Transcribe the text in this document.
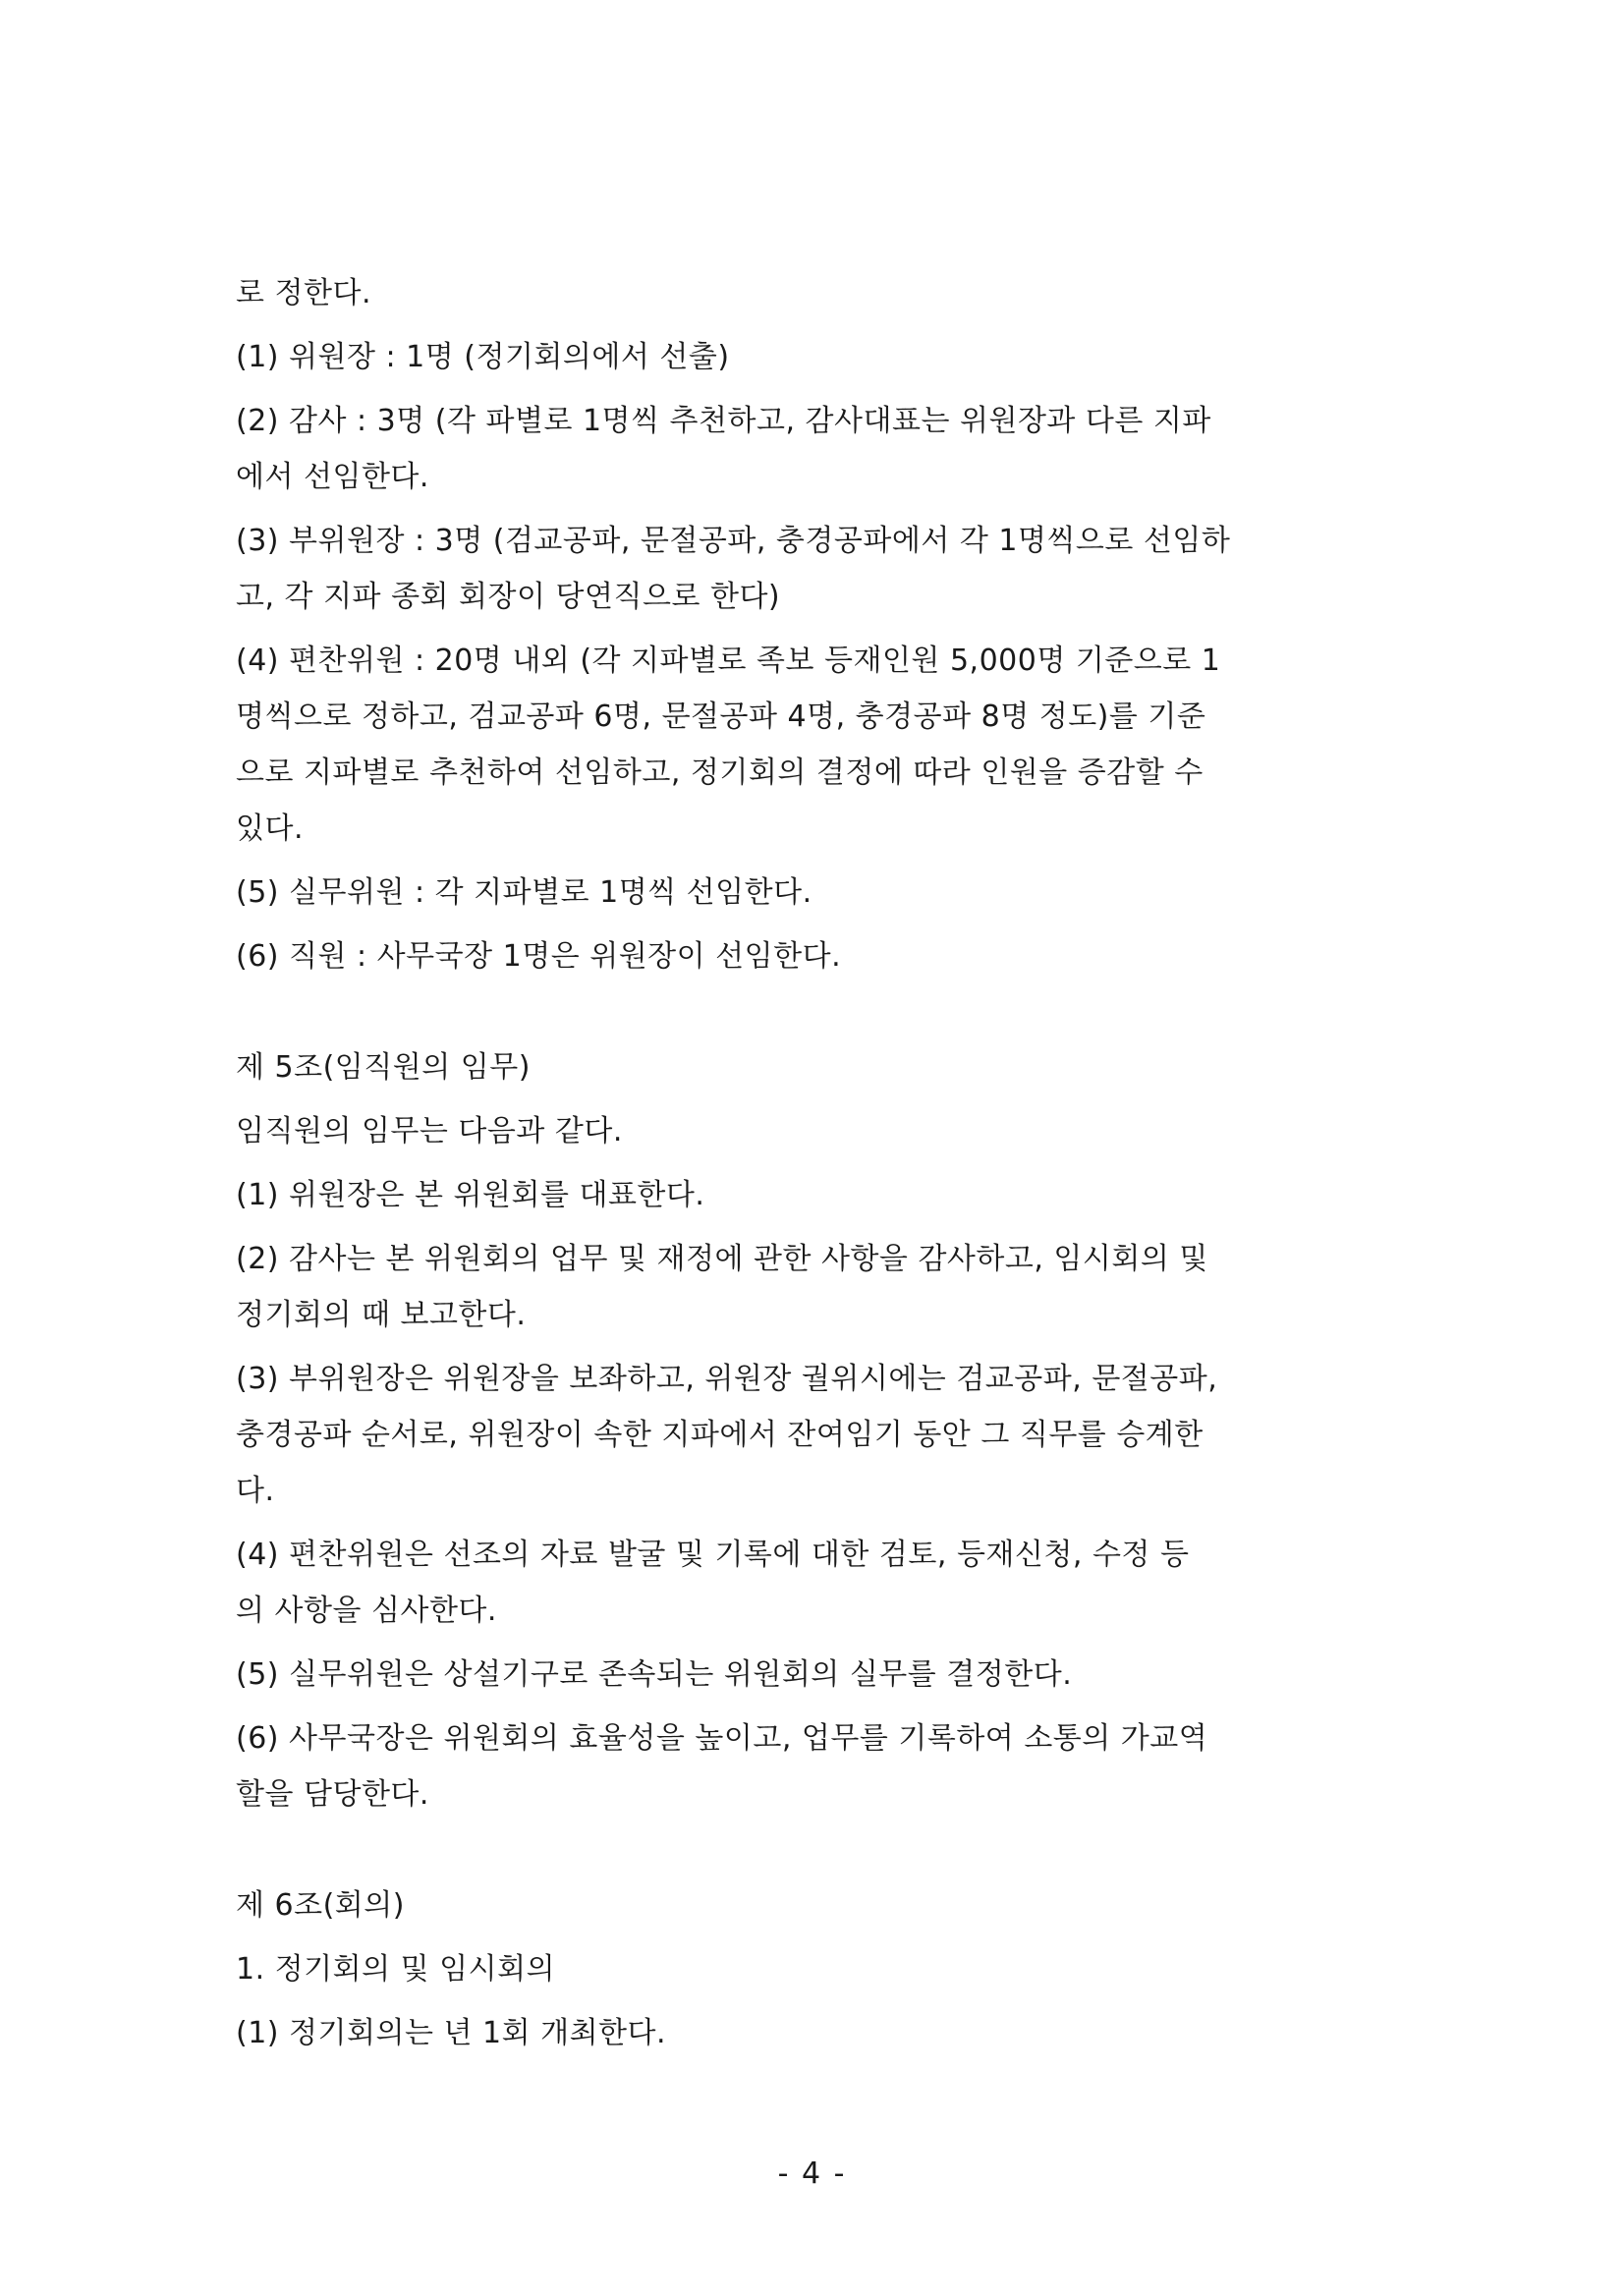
로 정한다.

(1) 위원장 : 1명 (정기회의에서 선출)

(2) 감사 : 3명 (각 파별로 1명씩 추천하고, 감사대표는 위원장과 다른 지파

에서 선임한다.

(3) 부위원장 : 3명 (검교공파, 문절공파, 충경공파에서 각 1명씩으로 선임하

고, 각 지파 종회 회장이 당연직으로 한다)

(4) 편찬위원 : 20명 내외 (각 지파별로 족보 등재인원 5,000명 기준으로 1

명씩으로 정하고, 검교공파 6명, 문절공파 4명, 충경공파 8명 정도)를 기준

으로 지파별로 추천하여 선임하고, 정기회의 결정에 따라 인원을 증감할 수

있다.

(5) 실무위원 : 각 지파별로 1명씩 선임한다.

(6) 직원 : 사무국장 1명은 위원장이 선임한다.

제 5조(임직원의 임무)

임직원의 임무는 다음과 같다.

(1) 위원장은 본 위원회를 대표한다.

(2) 감사는 본 위원회의 업무 및 재정에 관한 사항을 감사하고, 임시회의 및

정기회의 때 보고한다.

(3) 부위원장은 위원장을 보좌하고, 위원장 궐위시에는 검교공파, 문절공파,

충경공파 순서로, 위원장이 속한 지파에서 잔여임기 동안 그 직무를 승계한

다.

(4) 편찬위원은 선조의 자료 발굴 및 기록에 대한 검토, 등재신청, 수정 등

의 사항을 심사한다.

(5) 실무위원은 상설기구로 존속되는 위원회의 실무를 결정한다.

(6) 사무국장은 위원회의 효율성을 높이고, 업무를 기록하여 소통의 가교역

할을 담당한다.

제 6조(회의)

1. 정기회의 및 임시회의

(1) 정기회의는 년 1회 개최한다.

- 4 -
